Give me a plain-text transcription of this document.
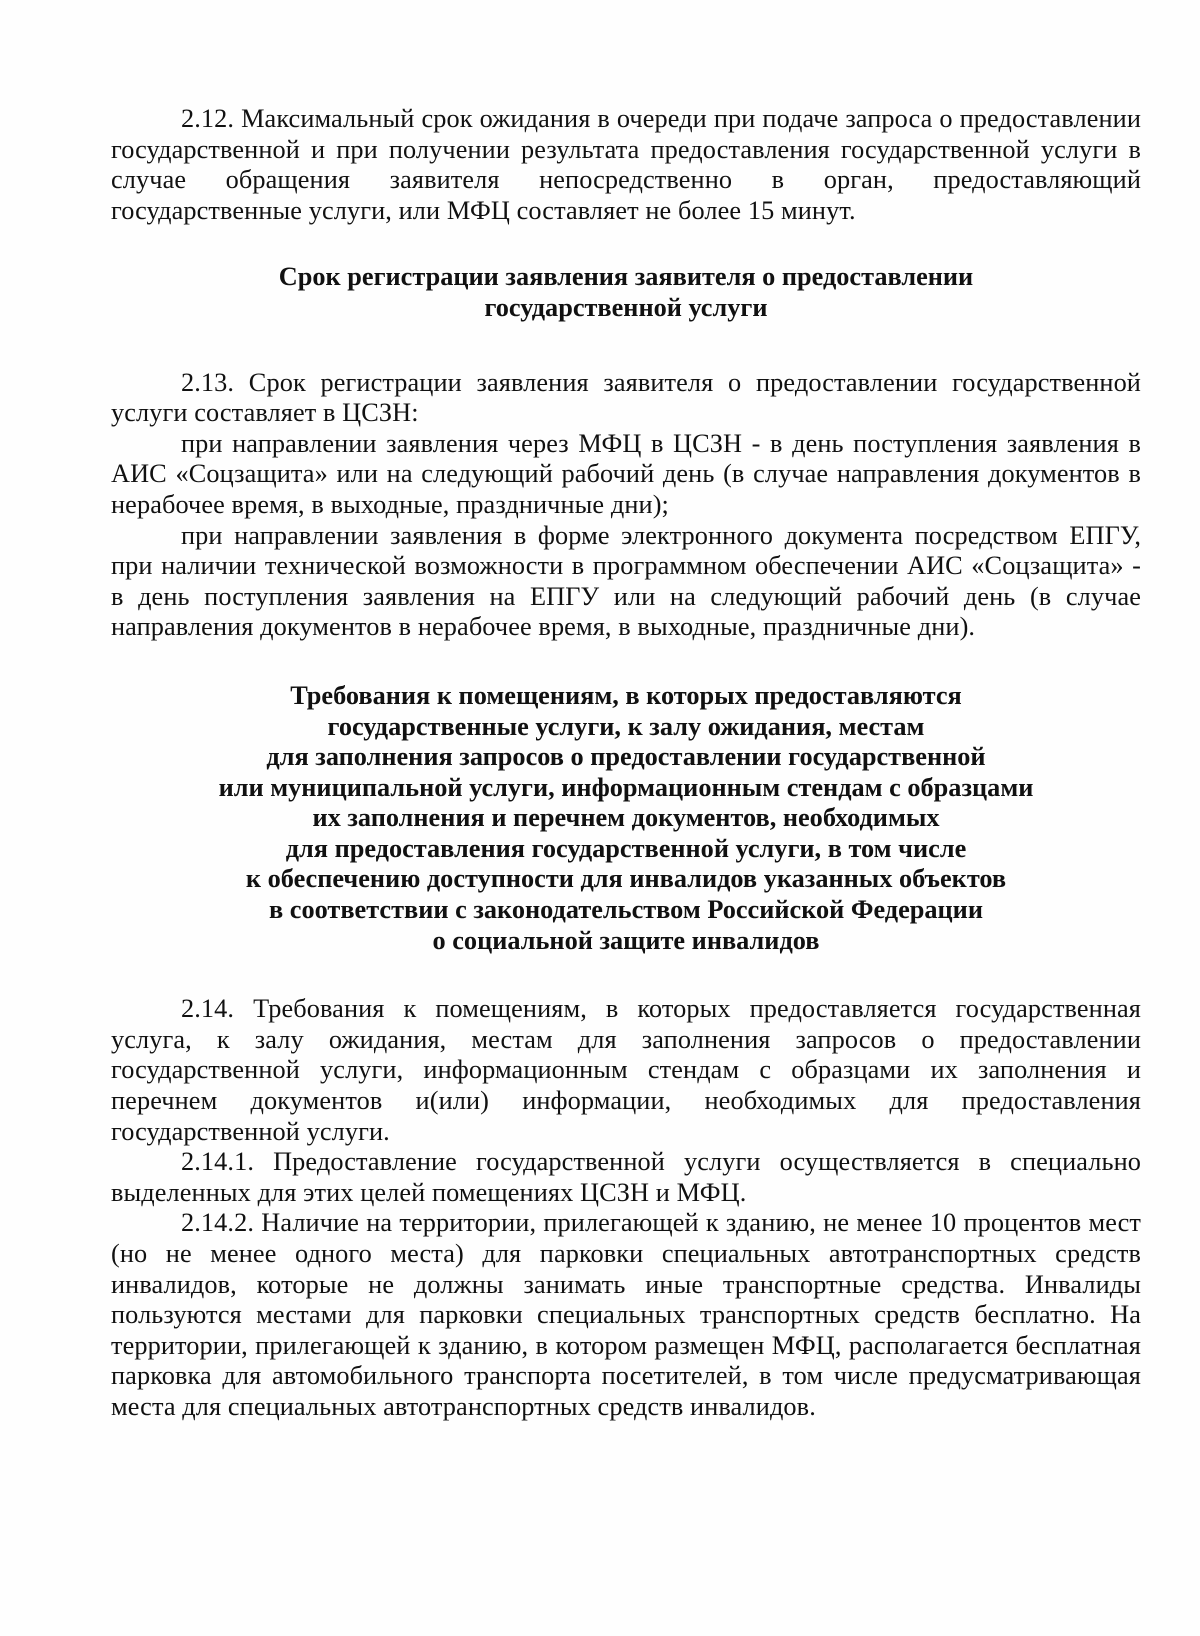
2.12. Максимальный срок ожидания в очереди при подаче запроса о предоставлении государственной и при получении результата предоставления государственной услуги в случае обращения заявителя непосредственно в орган, предоставляющий государственные услуги, или МФЦ составляет не более 15 минут.

Срок регистрации заявления заявителя о предоставлении
государственной услуги

2.13. Срок регистрации заявления заявителя о предоставлении государственной услуги составляет в ЦСЗН:

при направлении заявления через МФЦ в ЦСЗН - в день поступления заявления в АИС «Соцзащита» или на следующий рабочий день (в случае направления документов в нерабочее время, в выходные, праздничные дни);

при направлении заявления в форме электронного документа посредством ЕПГУ, при наличии технической возможности в программном обеспечении АИС «Соцзащита» - в день поступления заявления на ЕПГУ или на следующий рабочий день (в случае направления документов в нерабочее время, в выходные, праздничные дни).

Требования к помещениям, в которых предоставляются
государственные услуги, к залу ожидания, местам
для заполнения запросов о предоставлении государственной
или муниципальной услуги, информационным стендам с образцами
их заполнения и перечнем документов, необходимых
для предоставления государственной услуги, в том числе
к обеспечению доступности для инвалидов указанных объектов
в соответствии с законодательством Российской Федерации
о социальной защите инвалидов

2.14. Требования к помещениям, в которых предоставляется государственная услуга, к залу ожидания, местам для заполнения запросов о предоставлении государственной услуги, информационным стендам с образцами их заполнения и перечнем документов и(или) информации, необходимых для предоставления государственной услуги.

2.14.1. Предоставление государственной услуги осуществляется в специально выделенных для этих целей помещениях ЦСЗН и МФЦ.

2.14.2. Наличие на территории, прилегающей к зданию, не менее 10 процентов мест (но не менее одного места) для парковки специальных автотранспортных средств инвалидов, которые не должны занимать иные транспортные средства. Инвалиды пользуются местами для парковки специальных транспортных средств бесплатно. На территории, прилегающей к зданию, в котором размещен МФЦ, располагается бесплатная парковка для автомобильного транспорта посетителей, в том числе предусматривающая места для специальных автотранспортных средств инвалидов.
